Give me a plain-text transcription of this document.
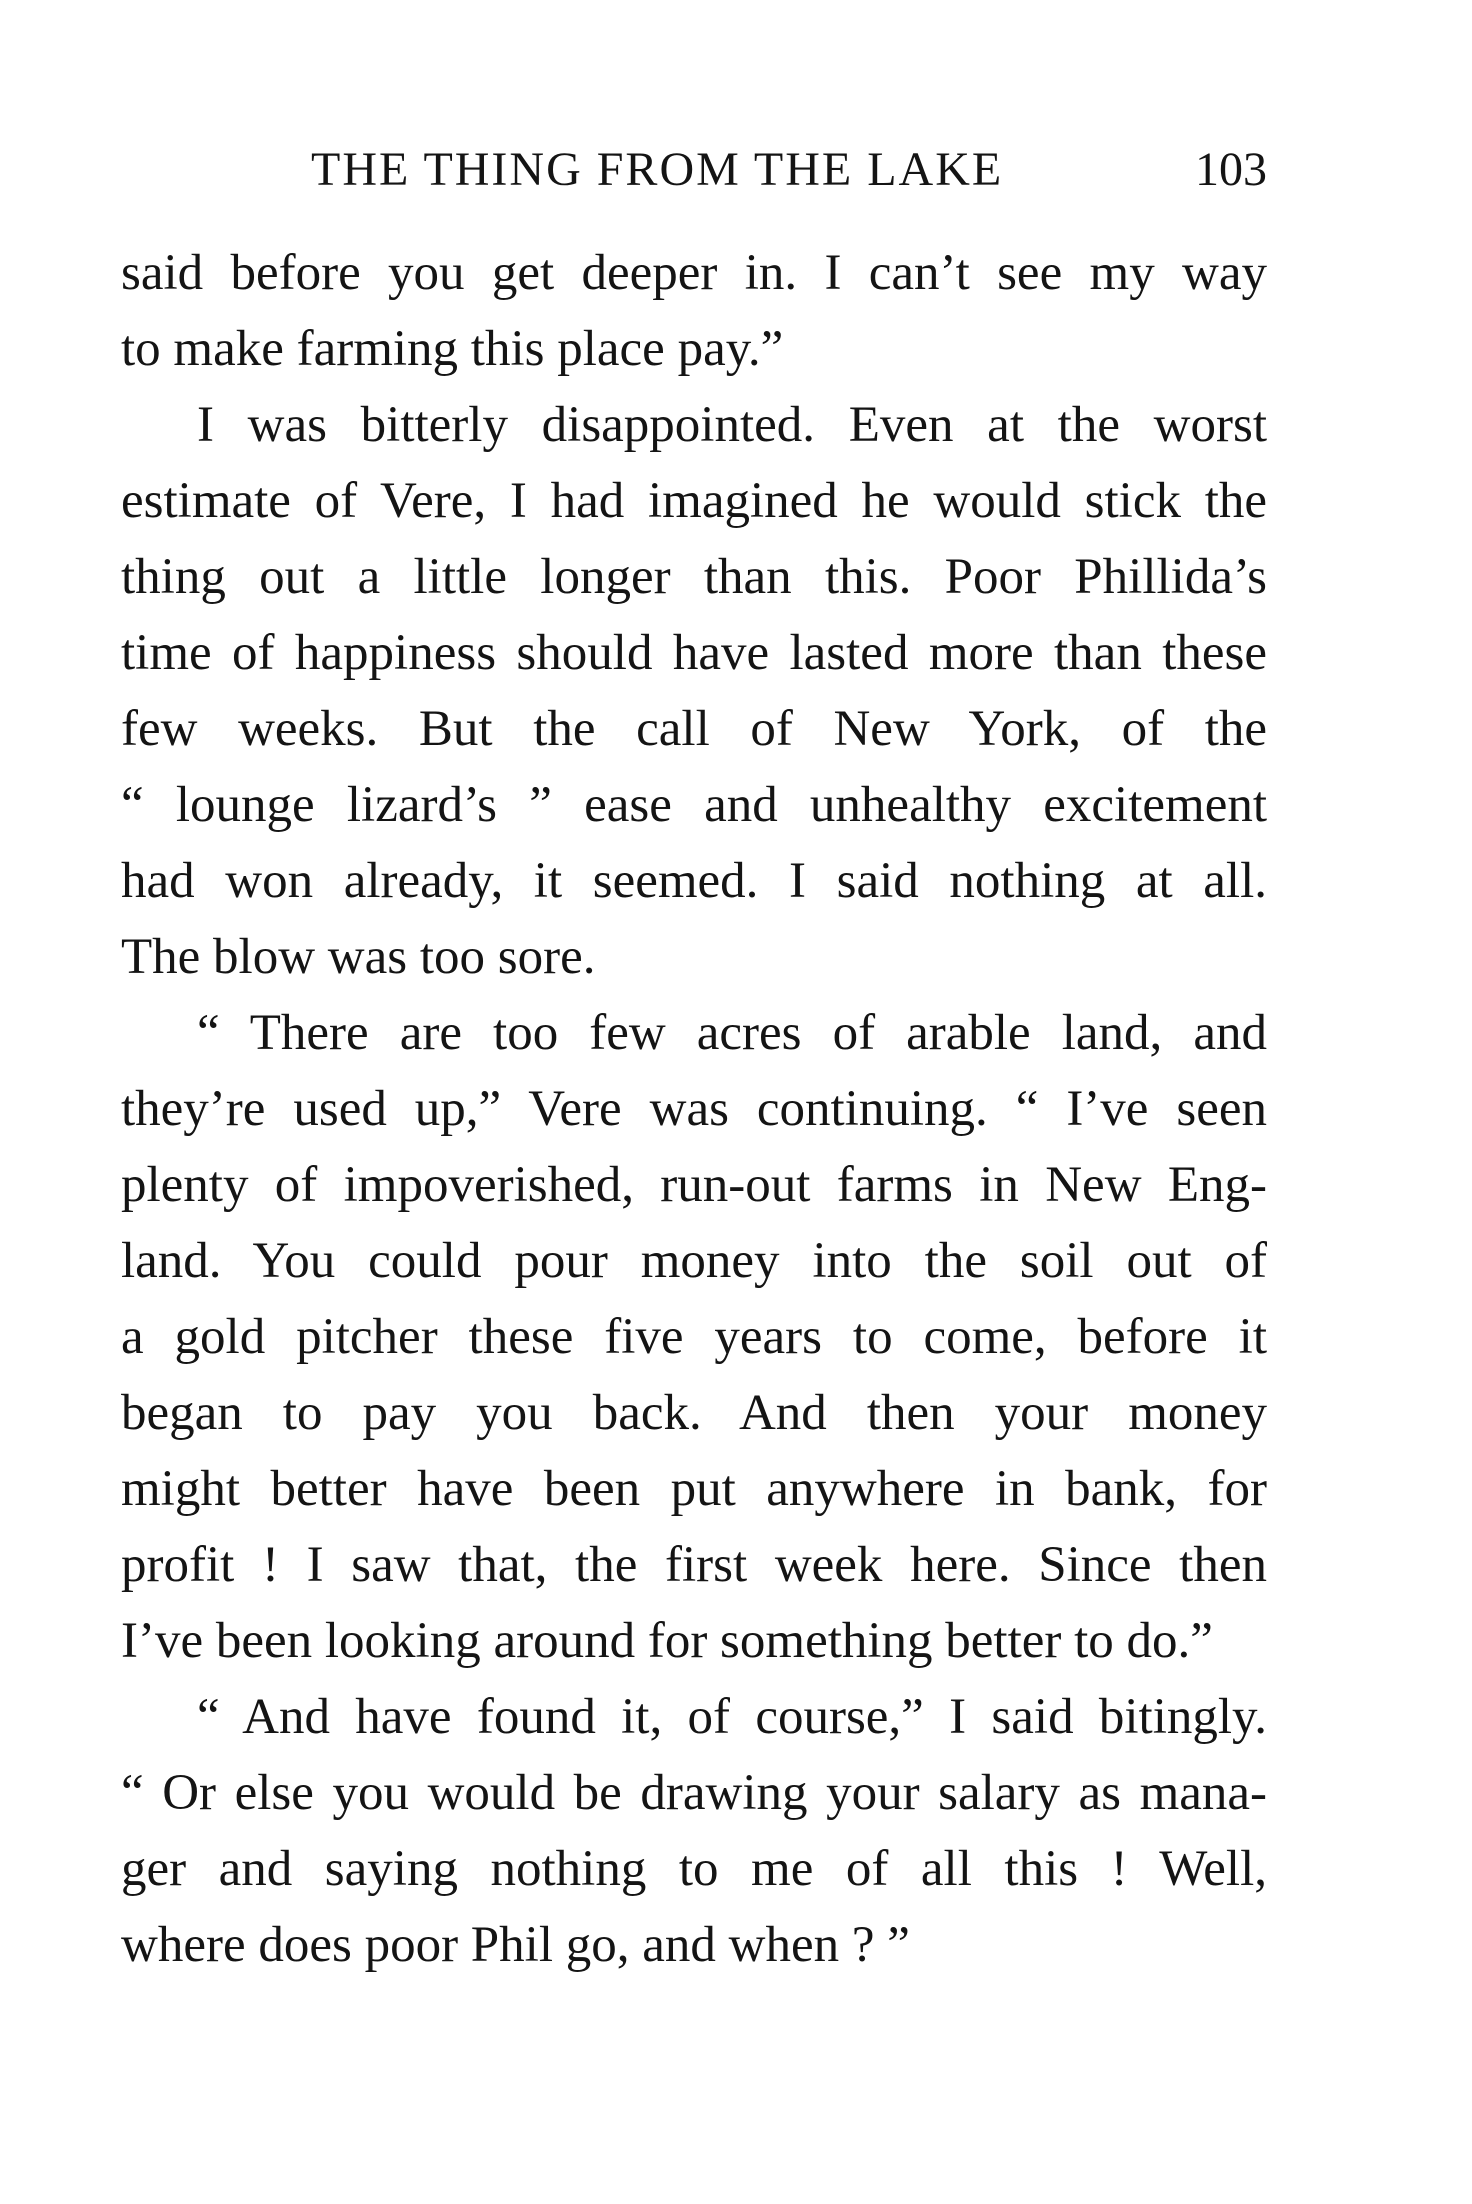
THE THING FROM THE LAKE	103
said before you get deeper in. I can’t see my way
to make farming this place pay.”
I was bitterly disappointed. Even at the worst
estimate of Vere, I had imagined he would stick the
thing out a little longer than this. Poor Phillida’s
time of happiness should have lasted more than these
few weeks. But the call of New York, of the
“ lounge lizard’s ” ease and unhealthy excitement
had won already, it seemed. I said nothing at all.
The blow was too sore.
“ There are too few acres of arable land, and
they’re used up,” Vere was continuing. “ I’ve seen
plenty of impoverished, run-out farms in New Eng-
land. You could pour money into the soil out of
a gold pitcher these five years to come, before it
began to pay you back. And then your money
might better have been put anywhere in bank, for
profit ! I saw that, the first week here. Since then
I’ve been looking around for something better to do.”
“ And have found it, of course,” I said bitingly.
“ Or else you would be drawing your salary as mana-
ger and saying nothing to me of all this ! Well,
where does poor Phil go, and when ? ”
